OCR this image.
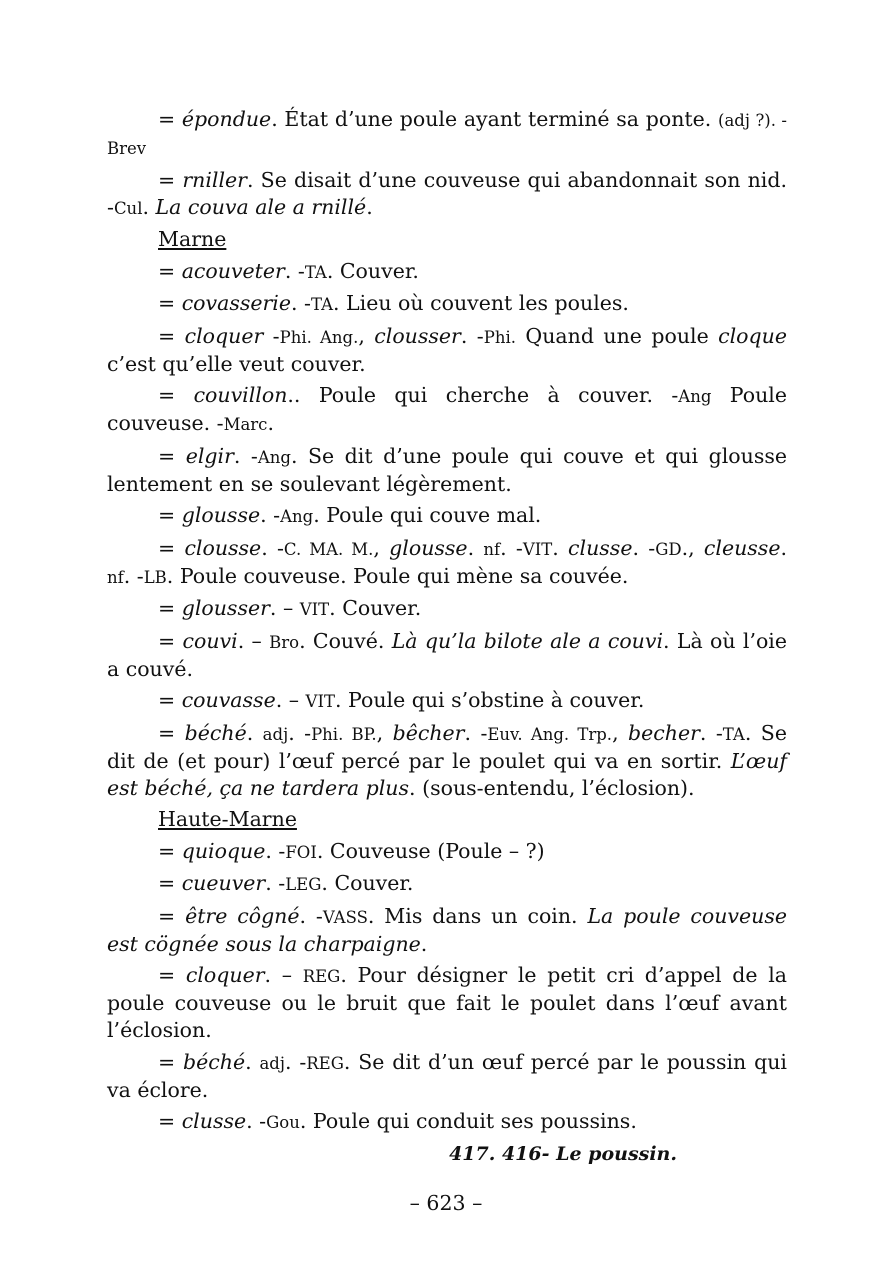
= épondue. État d’une poule ayant terminé sa ponte. (adj ?). -Brev

= rniller. Se disait d’une couveuse qui abandonnait son nid. -Cul. La couva ale a rnillé.

Marne

= acouveter. -TA. Couver.

= covasserie. -TA. Lieu où couvent les poules.

= cloquer -Phi. Ang., clousser. -Phi. Quand une poule cloque c’est qu’elle veut couver.

= couvillon.. Poule qui cherche à couver. -Ang Poule couveuse. -Marc.

= elgir. -Ang. Se dit d’une poule qui couve et qui glousse lentement en se soulevant légèrement.

= glousse. -Ang. Poule qui couve mal.

= clousse. -C. MA. M., glousse. nf. -VIT. clusse. -GD., cleusse. nf. -LB. Poule couveuse. Poule qui mène sa couvée.

= glousser. – VIT. Couver.

= couvi. – Bro. Couvé. Là qu’la bilote ale a couvi. Là où l’oie a couvé.

= couvasse. – VIT. Poule qui s’obstine à couver.

= béché. adj. -Phi. BP., bêcher. -Euv. Ang. Trp., becher. -TA. Se dit de (et pour) l’œuf percé par le poulet qui va en sortir. L’œuf est béché, ça ne tardera plus. (sous-entendu, l’éclosion).

Haute-Marne

= quioque. -FOI. Couveuse (Poule – ?)

= cueuver. -LEG. Couver.

= être côgné. -VASS. Mis dans un coin. La poule couveuse est cögnée sous la charpaigne.

= cloquer. – REG. Pour désigner le petit cri d’appel de la poule couveuse ou le bruit que fait le poulet dans l’œuf avant l’éclosion.

= béché. adj. -REG. Se dit d’un œuf percé par le poussin qui va éclore.

= clusse. -Gou. Poule qui conduit ses poussins.

417. 416- Le poussin.

– 623 –
